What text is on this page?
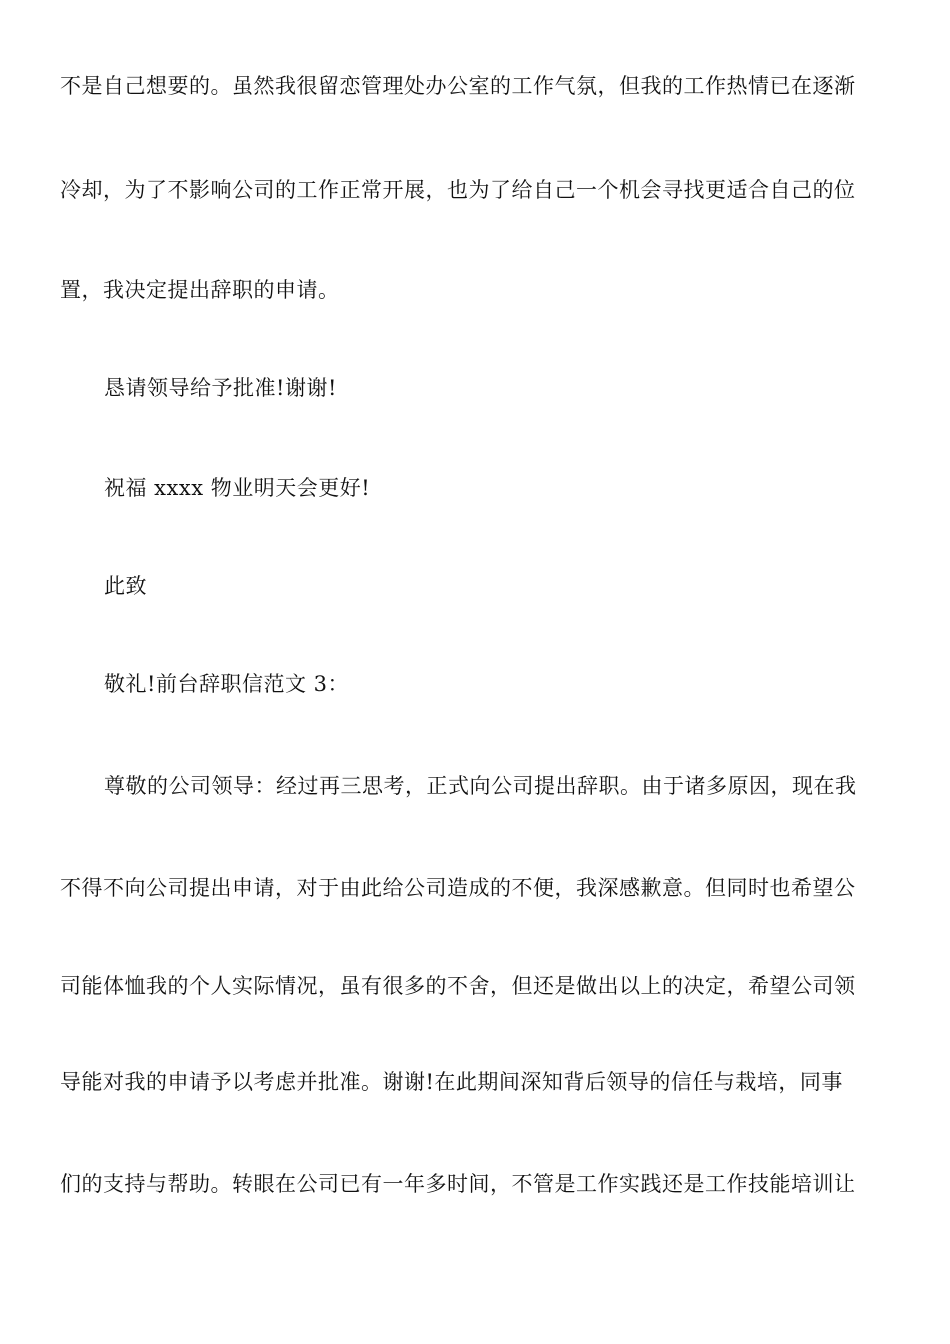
不是自己想要的。虽然我很留恋管理处办公室的工作气氛，但我的工作热情已在逐渐
冷却，为了不影响公司的工作正常开展，也为了给自己一个机会寻找更适合自己的位
置，我决定提出辞职的申请。
恳请领导给予批准!谢谢!
祝福 xxxx 物业明天会更好!
此致
敬礼!前台辞职信范文 3：
尊敬的公司领导：经过再三思考，正式向公司提出辞职。由于诸多原因，现在我
不得不向公司提出申请，对于由此给公司造成的不便，我深感歉意。但同时也希望公
司能体恤我的个人实际情况，虽有很多的不舍，但还是做出以上的决定，希望公司领
导能对我的申请予以考虑并批准。谢谢!在此期间深知背后领导的信任与栽培，同事
们的支持与帮助。转眼在公司已有一年多时间，不管是工作实践还是工作技能培训让
